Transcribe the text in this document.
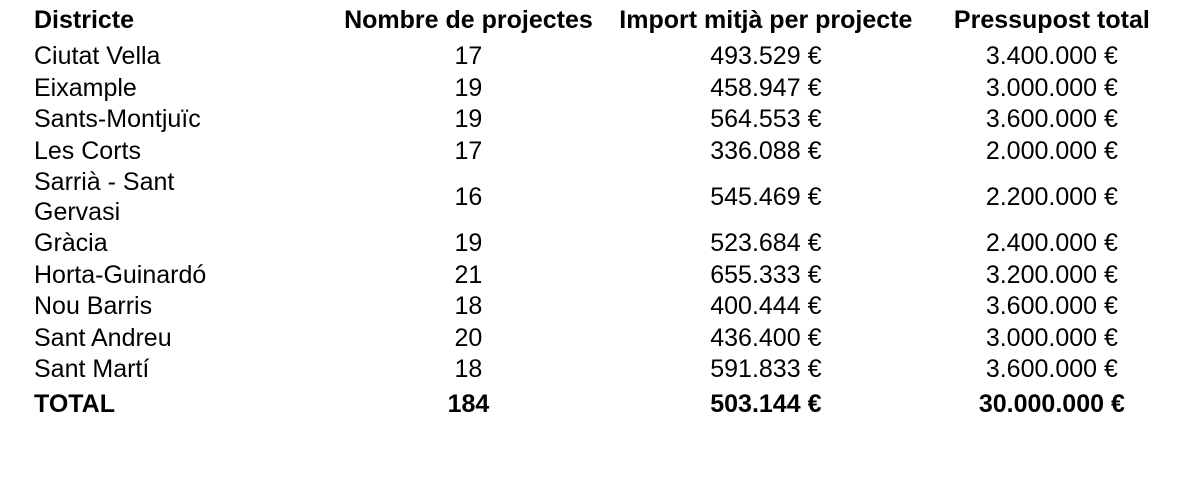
Districte	Nombre de projectes	Import mitjà per projecte	Pressupost total

Ciutat Vella	17	493.529 €	3.400.000 €

Eixample	19	458.947 €	3.000.000 €

Sants-Montjuïc	19	564.553 €	3.600.000 €

Les Corts	17	336.088 €	2.000.000 €

Sarrià - Sant Gervasi	16	545.469 €	2.200.000 €

Gràcia	19	523.684 €	2.400.000 €

Horta-Guinardó	21	655.333 €	3.200.000 €

Nou Barris	18	400.444 €	3.600.000 €

Sant Andreu	20	436.400 €	3.000.000 €

Sant Martí	18	591.833 €	3.600.000 €
TOTAL	184	503.144 €	30.000.000 €
